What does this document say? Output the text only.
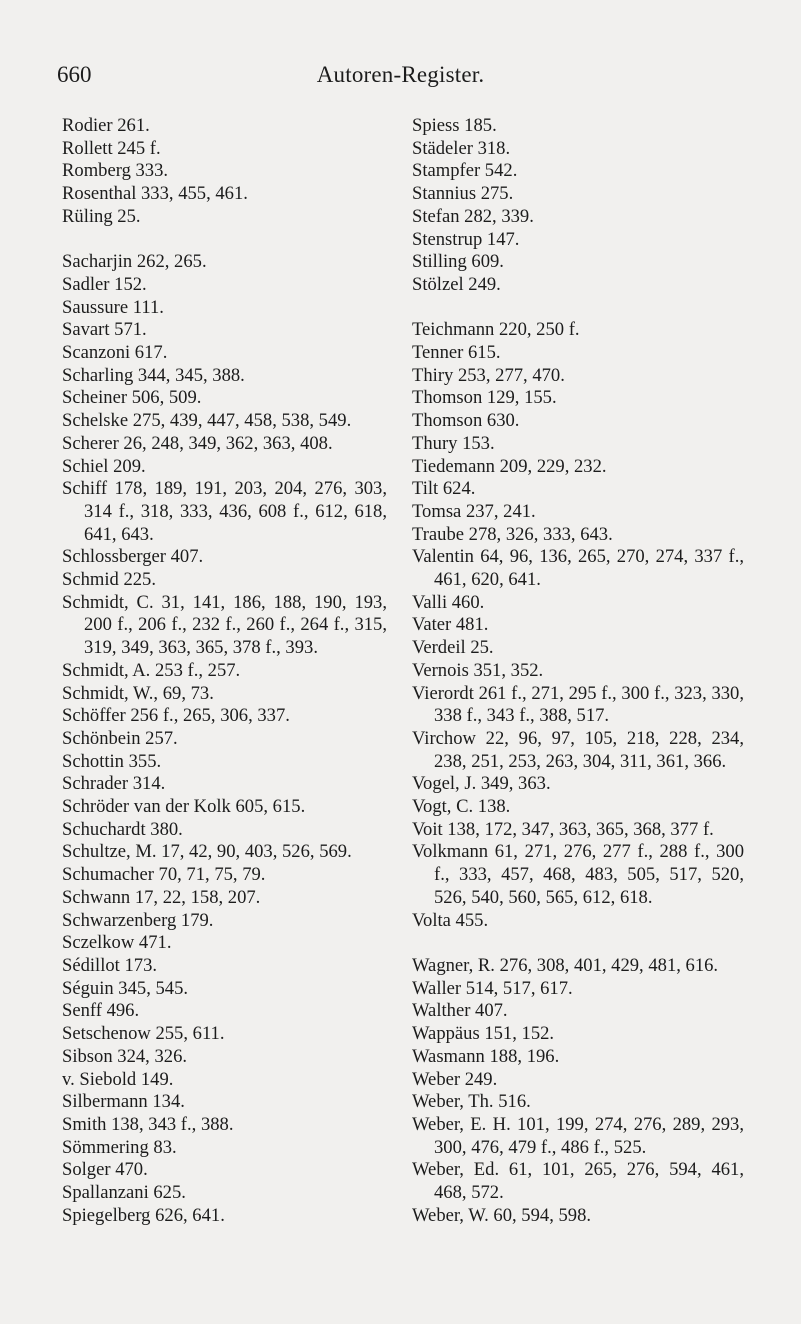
660	Autoren-Register.
Rodier 261.
Rollett 245 f.
Romberg 333.
Rosenthal 333, 455, 461.
Rüling 25.
Sacharjin 262, 265.
Sadler 152.
Saussure 111.
Savart 571.
Scanzoni 617.
Scharling 344, 345, 388.
Scheiner 506, 509.
Schelske 275, 439, 447, 458, 538, 549.
Scherer 26, 248, 349, 362, 363, 408.
Schiel 209.
Schiff 178, 189, 191, 203, 204, 276, 303, 314 f., 318, 333, 436, 608 f., 612, 618, 641, 643.
Schlossberger 407.
Schmid 225.
Schmidt, C. 31, 141, 186, 188, 190, 193, 200 f., 206 f., 232 f., 260 f., 264 f., 315, 319, 349, 363, 365, 378 f., 393.
Schmidt, A. 253 f., 257.
Schmidt, W., 69, 73.
Schöffer 256 f., 265, 306, 337.
Schönbein 257.
Schottin 355.
Schrader 314.
Schröder van der Kolk 605, 615.
Schuchardt 380.
Schultze, M. 17, 42, 90, 403, 526, 569.
Schumacher 70, 71, 75, 79.
Schwann 17, 22, 158, 207.
Schwarzenberg 179.
Sczelkow 471.
Sédillot 173.
Séguin 345, 545.
Senff 496.
Setschenow 255, 611.
Sibson 324, 326.
v. Siebold 149.
Silbermann 134.
Smith 138, 343 f., 388.
Sömmering 83.
Solger 470.
Spallanzani 625.
Spiegelberg 626, 641.
Spiess 185.
Städeler 318.
Stampfer 542.
Stannius 275.
Stefan 282, 339.
Stenstrup 147.
Stilling 609.
Stölzel 249.
Teichmann 220, 250 f.
Tenner 615.
Thiry 253, 277, 470.
Thomson 129, 155.
Thomson 630.
Thury 153.
Tiedemann 209, 229, 232.
Tilt 624.
Tomsa 237, 241.
Traube 278, 326, 333, 643.
Valentin 64, 96, 136, 265, 270, 274, 337 f., 461, 620, 641.
Valli 460.
Vater 481.
Verdeil 25.
Vernois 351, 352.
Vierordt 261 f., 271, 295 f., 300 f., 323, 330, 338 f., 343 f., 388, 517.
Virchow 22, 96, 97, 105, 218, 228, 234, 238, 251, 253, 263, 304, 311, 361, 366.
Vogel, J. 349, 363.
Vogt, C. 138.
Voit 138, 172, 347, 363, 365, 368, 377 f.
Volkmann 61, 271, 276, 277 f., 288 f., 300 f., 333, 457, 468, 483, 505, 517, 520, 526, 540, 560, 565, 612, 618.
Volta 455.
Wagner, R. 276, 308, 401, 429, 481, 616.
Waller 514, 517, 617.
Walther 407.
Wappäus 151, 152.
Wasmann 188, 196.
Weber 249.
Weber, Th. 516.
Weber, E. H. 101, 199, 274, 276, 289, 293, 300, 476, 479 f., 486 f., 525.
Weber, Ed. 61, 101, 265, 276, 594, 461, 468, 572.
Weber, W. 60, 594, 598.
